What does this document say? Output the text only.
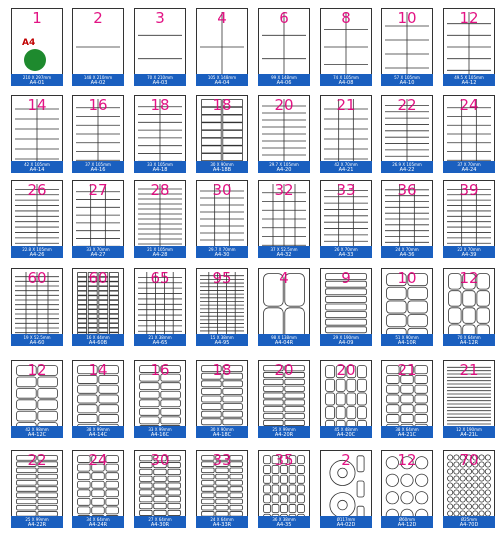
1
A4
210 X 297mm
A4-01
2
148 X 210mm
A4-02
3
70 X 210mm
A4-03
4
105 X 148mm
A4-04
6
99 X 148mm
A4-06
8
74 X 105mm
A4-08
10
57 X 105mm
A4-10
12
49.5 X 105mm
A4-12
14
42 X 105mm
A4-14
16
37 X 105mm
A4-16
18
33 X 105mm
A4-18
18
30 X 90mm
A4-18B
20
29.7 X 105mm
A4-20
21
42 X 70mm
A4-21
22
26.9 X 105mm
A4-22
24
37 X 70mm
A4-24
26
22.8 X 105mm
A4-26
27
33 X 70mm
A4-27
28
21 X 105mm
A4-28
30
29.7 X 70mm
A4-30
32
37 X 52.5mm
A4-32
33
26 X 70mm
A4-33
36
24 X 70mm
A4-36
39
22 X 70mm
A4-39
60
19 X 52.5mm
A4-60
60
16 X 44mm
A4-60B
65
21 X 38mm
A4-65
95
15 X 38mm
A4-95
4
98 X 138mm
A4-04R
9
29 X 190mm
A4-09
10
51 X 90mm
A4-10R
12
70 X 64mm
A4-12R
12
42 X 98mm
A4-12C
14
38 X 99mm
A4-14C
16
33 X 99mm
A4-16C
18
30 X 90mm
A4-18C
20
25 X 99mm
A4-20R
20
45 X 48mm
A4-20C
21
38 X 64mm
A4-21C
21
12 X 190mm
A4-21L
22
25 X 99mm
A4-22R
24
34 X 64mm
A4-24R
30
27 X 64mm
A4-30R
33
24 X 64mm
A4-33R
35
36 X 38mm
A4-35
2
Ø117mm
A4-02D
12
Ø60mm
A4-12D
70
Ø25mm
A4-70D
